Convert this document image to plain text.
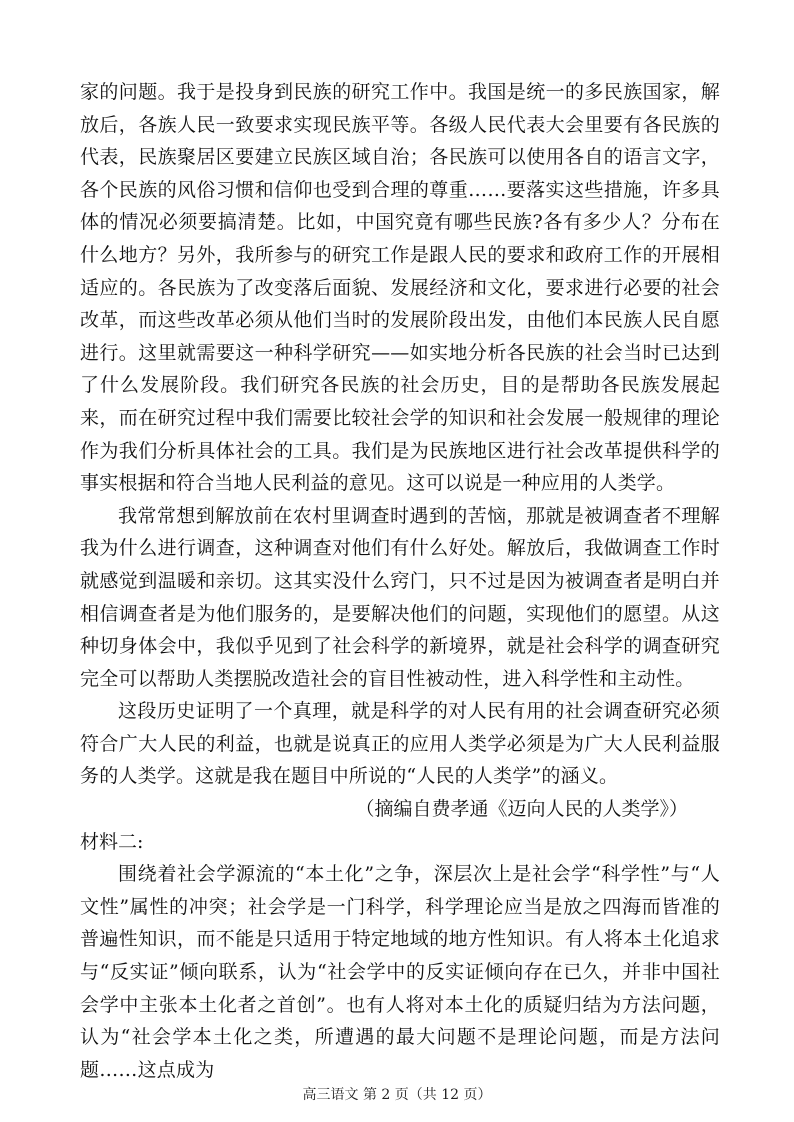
家的问题。我于是投身到民族的研究工作中。我国是统一的多民族国家，解放后，各族人民一致要求实现民族平等。各级人民代表大会里要有各民族的代表，民族聚居区要建立民族区域自治；各民族可以使用各自的语言文字，各个民族的风俗习惯和信仰也受到合理的尊重……要落实这些措施，许多具体的情况必须要搞清楚。比如，中国究竟有哪些民族?各有多少人？分布在什么地方？另外，我所参与的研究工作是跟人民的要求和政府工作的开展相适应的。各民族为了改变落后面貌、发展经济和文化，要求进行必要的社会改革，而这些改革必须从他们当时的发展阶段出发，由他们本民族人民自愿进行。这里就需要这一种科学研究——如实地分析各民族的社会当时已达到了什么发展阶段。我们研究各民族的社会历史，目的是帮助各民族发展起来，而在研究过程中我们需要比较社会学的知识和社会发展一般规律的理论作为我们分析具体社会的工具。我们是为民族地区进行社会改革提供科学的事实根据和符合当地人民利益的意见。这可以说是一种应用的人类学。

我常常想到解放前在农村里调查时遇到的苦恼，那就是被调查者不理解我为什么进行调查，这种调查对他们有什么好处。解放后，我做调查工作时就感觉到温暖和亲切。这其实没什么窍门，只不过是因为被调查者是明白并相信调查者是为他们服务的，是要解决他们的问题，实现他们的愿望。从这种切身体会中，我似乎见到了社会科学的新境界，就是社会科学的调查研究完全可以帮助人类摆脱改造社会的盲目性被动性，进入科学性和主动性。

这段历史证明了一个真理，就是科学的对人民有用的社会调查研究必须符合广大人民的利益，也就是说真正的应用人类学必须是为广大人民利益服务的人类学。这就是我在题目中所说的“人民的人类学”的涵义。

（摘编自费孝通《迈向人民的人类学》）

材料二:

围绕着社会学源流的“本土化”之争，深层次上是社会学“科学性”与“人文性”属性的冲突；社会学是一门科学，科学理论应当是放之四海而皆准的普遍性知识，而不能是只适用于特定地域的地方性知识。有人将本土化追求与“反实证”倾向联系，认为“社会学中的反实证倾向存在已久，并非中国社会学中主张本土化者之首创”。也有人将对本土化的质疑归结为方法问题，认为“社会学本土化之类，所遭遇的最大问题不是理论问题，而是方法问题……这点成为

高三语文 第 2 页（共 12 页）
